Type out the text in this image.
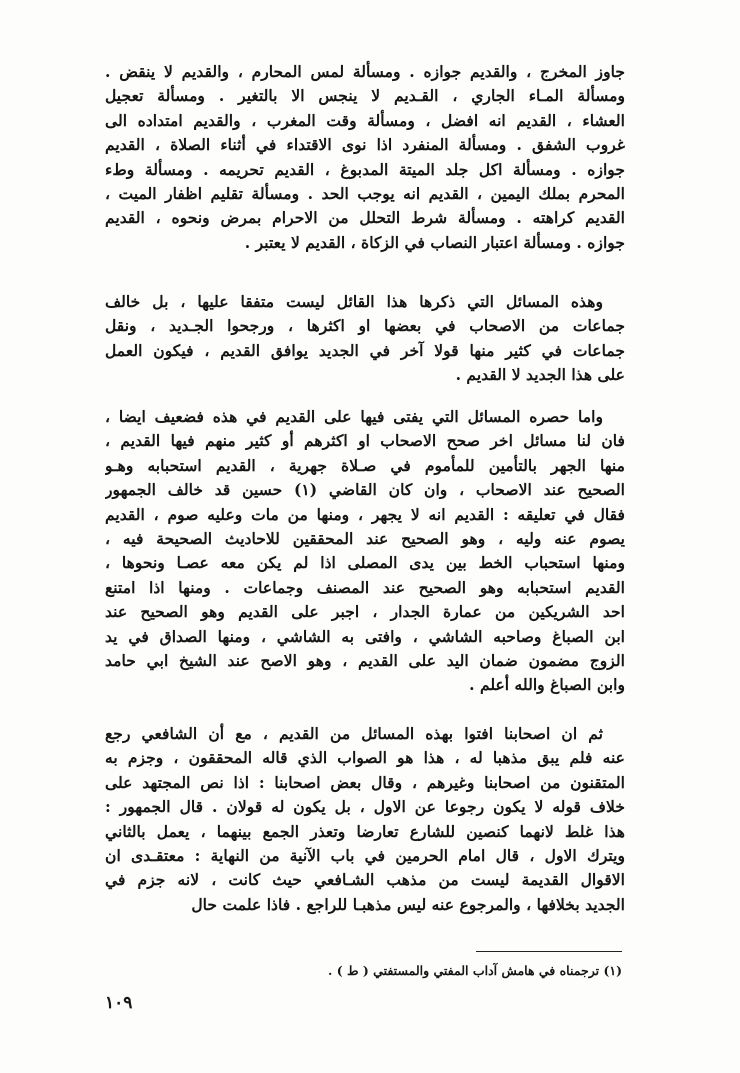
جاوز المخرج ، والقديم جوازه . ومسألة لمس المحارم ، والقديم لا ينقض .
ومسألة المـاء الجاري ، القـديم لا ينجس الا بالتغير . ومسألة تعجيل
العشاء ، القديم انه افضل ، ومسألة وقت المغرب ، والقديم امتداده الى
غروب الشفق . ومسألة المنفرد اذا نوى الاقتداء في أثناء الصلاة ، القديم
جوازه . ومسألة اكل جلد الميتة المدبوغ ، القديم تحريمه . ومسألة وطء
المحرم بملك اليمين ، القديم انه يوجب الحد . ومسألة تقليم اظفار الميت ،
القديم كراهته . ومسألة شرط التحلل من الاحرام بمرض ونحوه ، القديم
جوازه . ومسألة اعتبار النصاب في الزكاة ، القديم لا يعتبر .
وهذه المسائل التي ذكرها هذا القائل ليست متفقا عليها ، بل خالف
جماعات من الاصحاب في بعضها او اكثرها ، ورجحوا الجـديد ، ونقل
جماعات في كثير منها قولا آخر في الجديد يوافق القديم ، فيكون العمل
على هذا الجديد لا القديم .
واما حصره المسائل التي يفتى فيها على القديم في هذه فضعيف ايضا ،
فان لنا مسائل اخر صحح الاصحاب او اكثرهم أو كثير منهم فيها القديم ،
منها الجهر بالتأمين للمأموم في صـلاة جهرية ، القديم استحبابه وهـو
الصحيح عند الاصحاب ، وان كان القاضي (١) حسين قد خالف الجمهور
فقال في تعليقه : القديم انه لا يجهر ، ومنها من مات وعليه صوم ، القديم
يصوم عنه وليه ، وهو الصحيح عند المحققين للاحاديث الصحيحة فيه ،
ومنها استحباب الخط بين يدى المصلى اذا لم يكن معه عصـا ونحوها ،
القديم استحبابه وهو الصحيح عند المصنف وجماعات . ومنها اذا امتنع
احد الشريكين من عمارة الجدار ، اجبر على القديم وهو الصحيح عند
ابن الصباغ وصاحبه الشاشي ، وافتى به الشاشي ، ومنها الصداق في يد
الزوج مضمون ضمان اليد على القديم ، وهو الاصح عند الشيخ ابي حامد
وابن الصباغ والله أعلم .
ثم ان اصحابنا افتوا بهذه المسائل من القديم ، مع أن الشافعي رجع
عنه فلم يبق مذهبا له ، هذا هو الصواب الذي قاله المحققون ، وجزم به
المتقنون من اصحابنا وغيرهم ، وقال بعض اصحابنا : اذا نص المجتهد على
خلاف قوله لا يكون رجوعا عن الاول ، بل يكون له قولان . قال الجمهور :
هذا غلط لانهما كنصين للشارع تعارضا وتعذر الجمع بينهما ، يعمل بالثاني
ويترك الاول ، قال امام الحرمين في باب الآنية من النهاية : معتقـدى ان
الاقوال القديمة ليست من مذهب الشـافعي حيث كانت ، لانه جزم في
الجديد بخلافها ، والمرجوع عنه ليس مذهبـا للراجع . فاذا علمت حال
(١) ترجمناه في هامش آداب المفتي والمستفتي ( ط ) .
١٠٩
